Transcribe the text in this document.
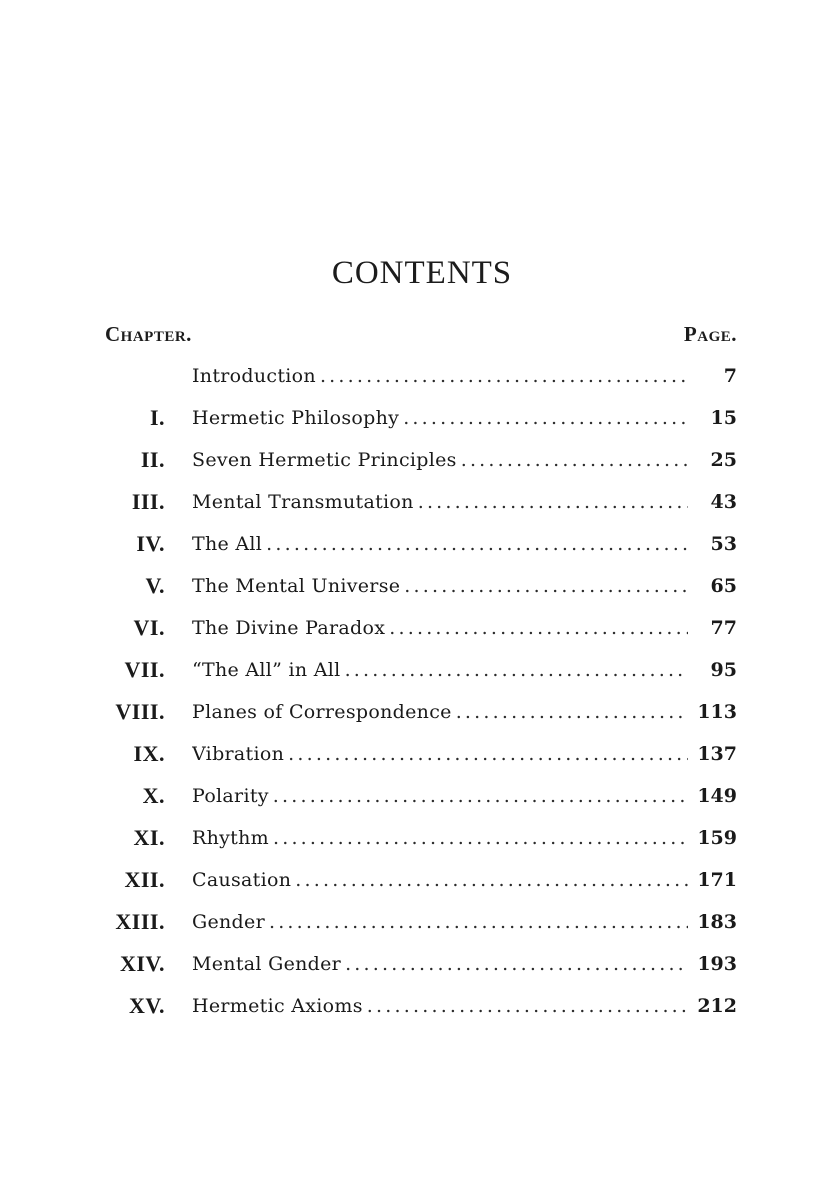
CONTENTS
Chapter.	Page.
Introduction .....	7
I. Hermetic Philosophy .....	15
II. Seven Hermetic Principles .....	25
III. Mental Transmutation .....	43
IV. The All .....	53
V. The Mental Universe .....	65
VI. The Divine Paradox .....	77
VII. “The All” in All .....	95
VIII. Planes of Correspondence .....	113
IX. Vibration .....	137
X. Polarity .....	149
XI. Rhythm .....	159
XII. Causation .....	171
XIII. Gender .....	183
XIV. Mental Gender .....	193
XV. Hermetic Axioms .....	212
